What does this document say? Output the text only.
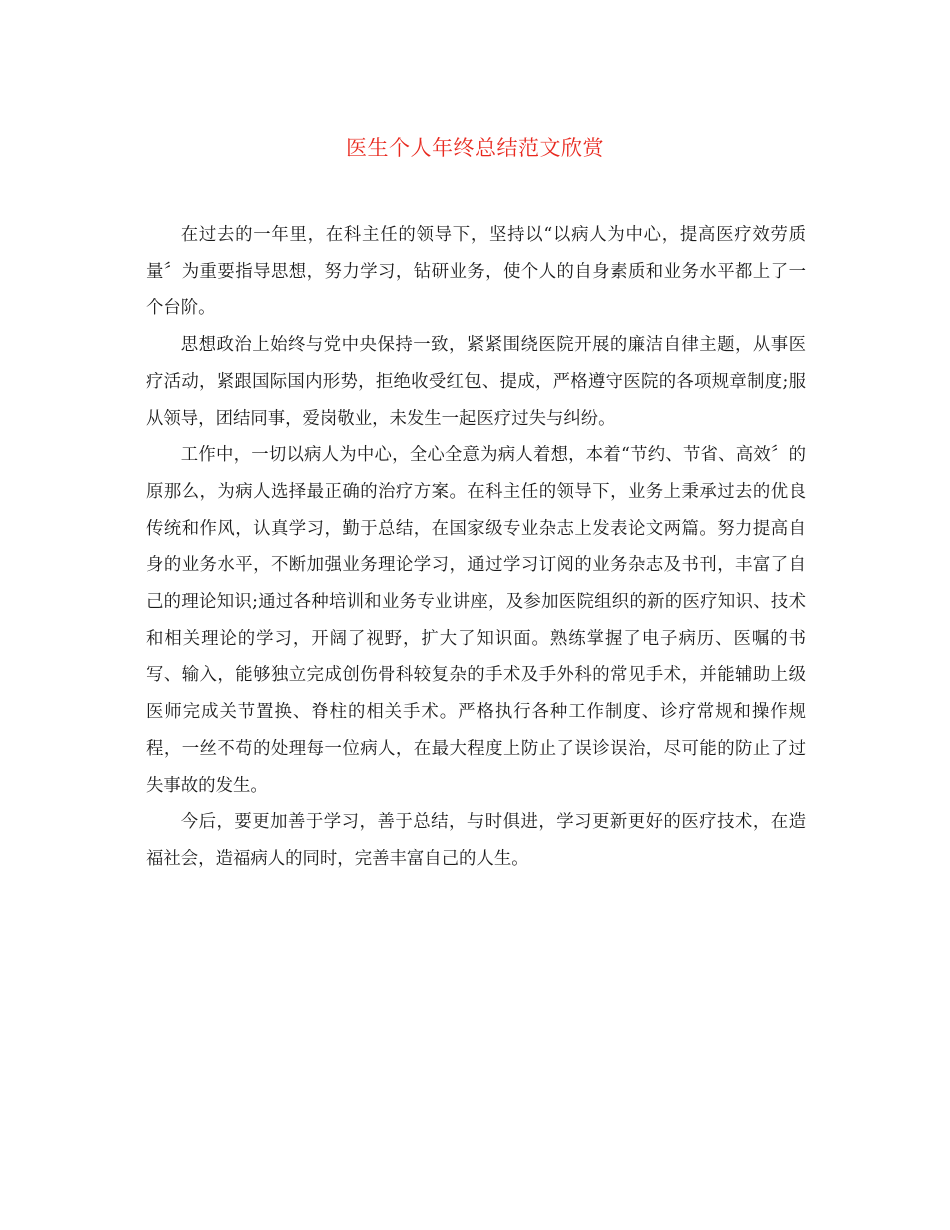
医生个人年终总结范文欣赏

在过去的一年里，在科主任的领导下，坚持以“以病人为中心，提高医疗效劳质量〞为重要指导思想，努力学习，钻研业务，使个人的自身素质和业务水平都上了一个台阶。

思想政治上始终与党中央保持一致，紧紧围绕医院开展的廉洁自律主题，从事医疗活动，紧跟国际国内形势，拒绝收受红包、提成，严格遵守医院的各项规章制度;服从领导，团结同事，爱岗敬业，未发生一起医疗过失与纠纷。

工作中，一切以病人为中心，全心全意为病人着想，本着“节约、节省、高效〞的原那么，为病人选择最正确的治疗方案。在科主任的领导下，业务上秉承过去的优良传统和作风，认真学习，勤于总结，在国家级专业杂志上发表论文两篇。努力提高自身的业务水平，不断加强业务理论学习，通过学习订阅的业务杂志及书刊，丰富了自己的理论知识;通过各种培训和业务专业讲座，及参加医院组织的新的医疗知识、技术和相关理论的学习，开阔了视野，扩大了知识面。熟练掌握了电子病历、医嘱的书写、输入，能够独立完成创伤骨科较复杂的手术及手外科的常见手术，并能辅助上级医师完成关节置换、脊柱的相关手术。严格执行各种工作制度、诊疗常规和操作规程，一丝不苟的处理每一位病人，在最大程度上防止了误诊误治，尽可能的防止了过失事故的发生。

今后，要更加善于学习，善于总结，与时俱进，学习更新更好的医疗技术，在造福社会，造福病人的同时，完善丰富自己的人生。
